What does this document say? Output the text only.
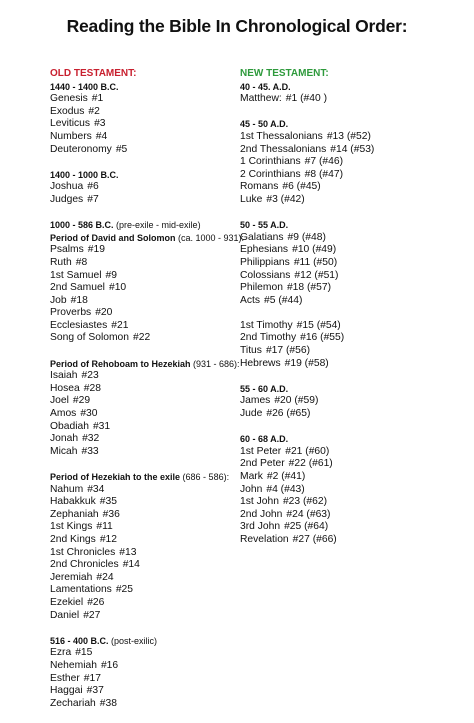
Reading the Bible In Chronological Order:
OLD TESTAMENT:
1440 - 1400 B.C.
Genesis #1
Exodus #2
Leviticus #3
Numbers #4
Deuteronomy #5
1400 - 1000 B.C.
Joshua #6
Judges #7
1000 - 586 B.C. (pre-exile - mid-exile)
Period of David and Solomon (ca. 1000 - 931):
Psalms #19
Ruth #8
1st Samuel #9
2nd Samuel #10
Job #18
Proverbs #20
Ecclesiastes #21
Song of Solomon #22
Period of Rehoboam to Hezekiah (931 - 686):
Isaiah #23
Hosea #28
Joel #29
Amos #30
Obadiah #31
Jonah #32
Micah #33
Period of Hezekiah to the exile (686 - 586):
Nahum #34
Habakkuk #35
Zephaniah #36
1st Kings #11
2nd Kings #12
1st Chronicles #13
2nd Chronicles #14
Jeremiah #24
Lamentations #25
Ezekiel #26
Daniel #27
516 - 400 B.C. (post-exilic)
Ezra #15
Nehemiah #16
Esther #17
Haggai #37
Zechariah #38
NEW TESTAMENT:
40 - 45. A.D.
Matthew: #1 (#40 )
45 - 50 A.D.
1st Thessalonians #13 (#52)
2nd Thessalonians #14 (#53)
1 Corinthians #7 (#46)
2 Corinthians #8 (#47)
Romans #6 (#45)
Luke #3 (#42)
50 - 55 A.D.
Galatians #9 (#48)
Ephesians #10 (#49)
Philippians #11 (#50)
Colossians #12 (#51)
Philemon #18 (#57)
Acts #5 (#44)
1st Timothy #15 (#54)
2nd Timothy #16 (#55)
Titus #17 (#56)
Hebrews #19 (#58)
55 - 60 A.D.
James #20 (#59)
Jude #26 (#65)
60 - 68 A.D.
1st Peter #21 (#60)
2nd Peter #22 (#61)
Mark #2 (#41)
John #4 (#43)
1st John #23 (#62)
2nd John #24 (#63)
3rd John #25 (#64)
Revelation #27 (#66)
